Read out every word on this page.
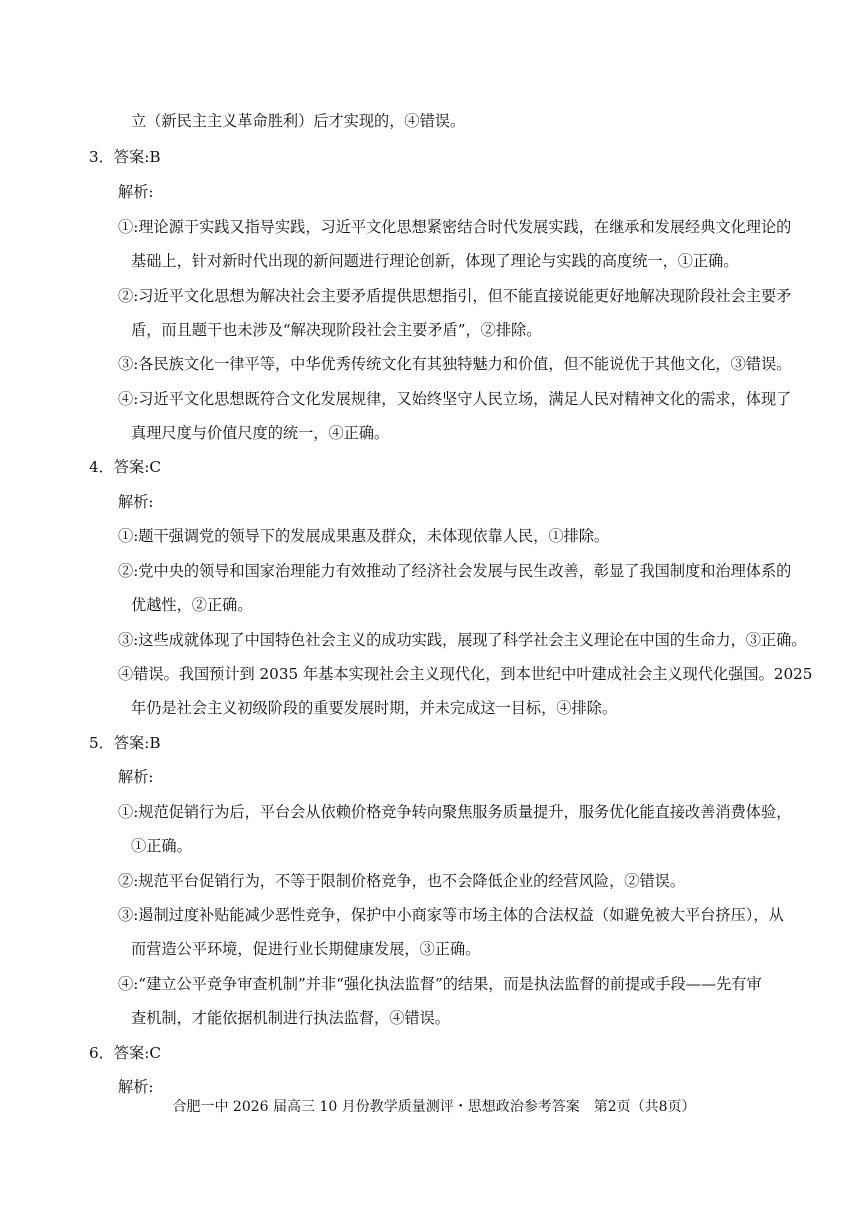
立（新民主主义革命胜利）后才实现的，④错误。
3．答案:B
解析:
①:理论源于实践又指导实践，习近平文化思想紧密结合时代发展实践，在继承和发展经典文化理论的
基础上，针对新时代出现的新问题进行理论创新，体现了理论与实践的高度统一，①正确。
②:习近平文化思想为解决社会主要矛盾提供思想指引，但不能直接说能更好地解决现阶段社会主要矛
盾，而且题干也未涉及“解决现阶段社会主要矛盾”，②排除。
③:各民族文化一律平等，中华优秀传统文化有其独特魅力和价值，但不能说优于其他文化，③错误。
④:习近平文化思想既符合文化发展规律，又始终坚守人民立场，满足人民对精神文化的需求，体现了
真理尺度与价值尺度的统一，④正确。
4．答案:C
解析:
①:题干强调党的领导下的发展成果惠及群众，未体现依靠人民，①排除。
②:党中央的领导和国家治理能力有效推动了经济社会发展与民生改善，彰显了我国制度和治理体系的
优越性，②正确。
③:这些成就体现了中国特色社会主义的成功实践，展现了科学社会主义理论在中国的生命力，③正确。
④错误。我国预计到 2035 年基本实现社会主义现代化，到本世纪中叶建成社会主义现代化强国。2025
年仍是社会主义初级阶段的重要发展时期，并未完成这一目标，④排除。
5．答案:B
解析:
①:规范促销行为后，平台会从依赖价格竞争转向聚焦服务质量提升，服务优化能直接改善消费体验，
①正确。
②:规范平台促销行为，不等于限制价格竞争，也不会降低企业的经营风险，②错误。
③:遏制过度补贴能减少恶性竞争，保护中小商家等市场主体的合法权益（如避免被大平台挤压），从
而营造公平环境，促进行业长期健康发展，③正确。
④:“建立公平竞争审查机制”并非“强化执法监督”的结果，而是执法监督的前提或手段——先有审
查机制，才能依据机制进行执法监督，④错误。
6．答案:C
解析:
合肥一中 2026 届高三 10 月份教学质量测评・思想政治参考答案　第2页（共8页）
